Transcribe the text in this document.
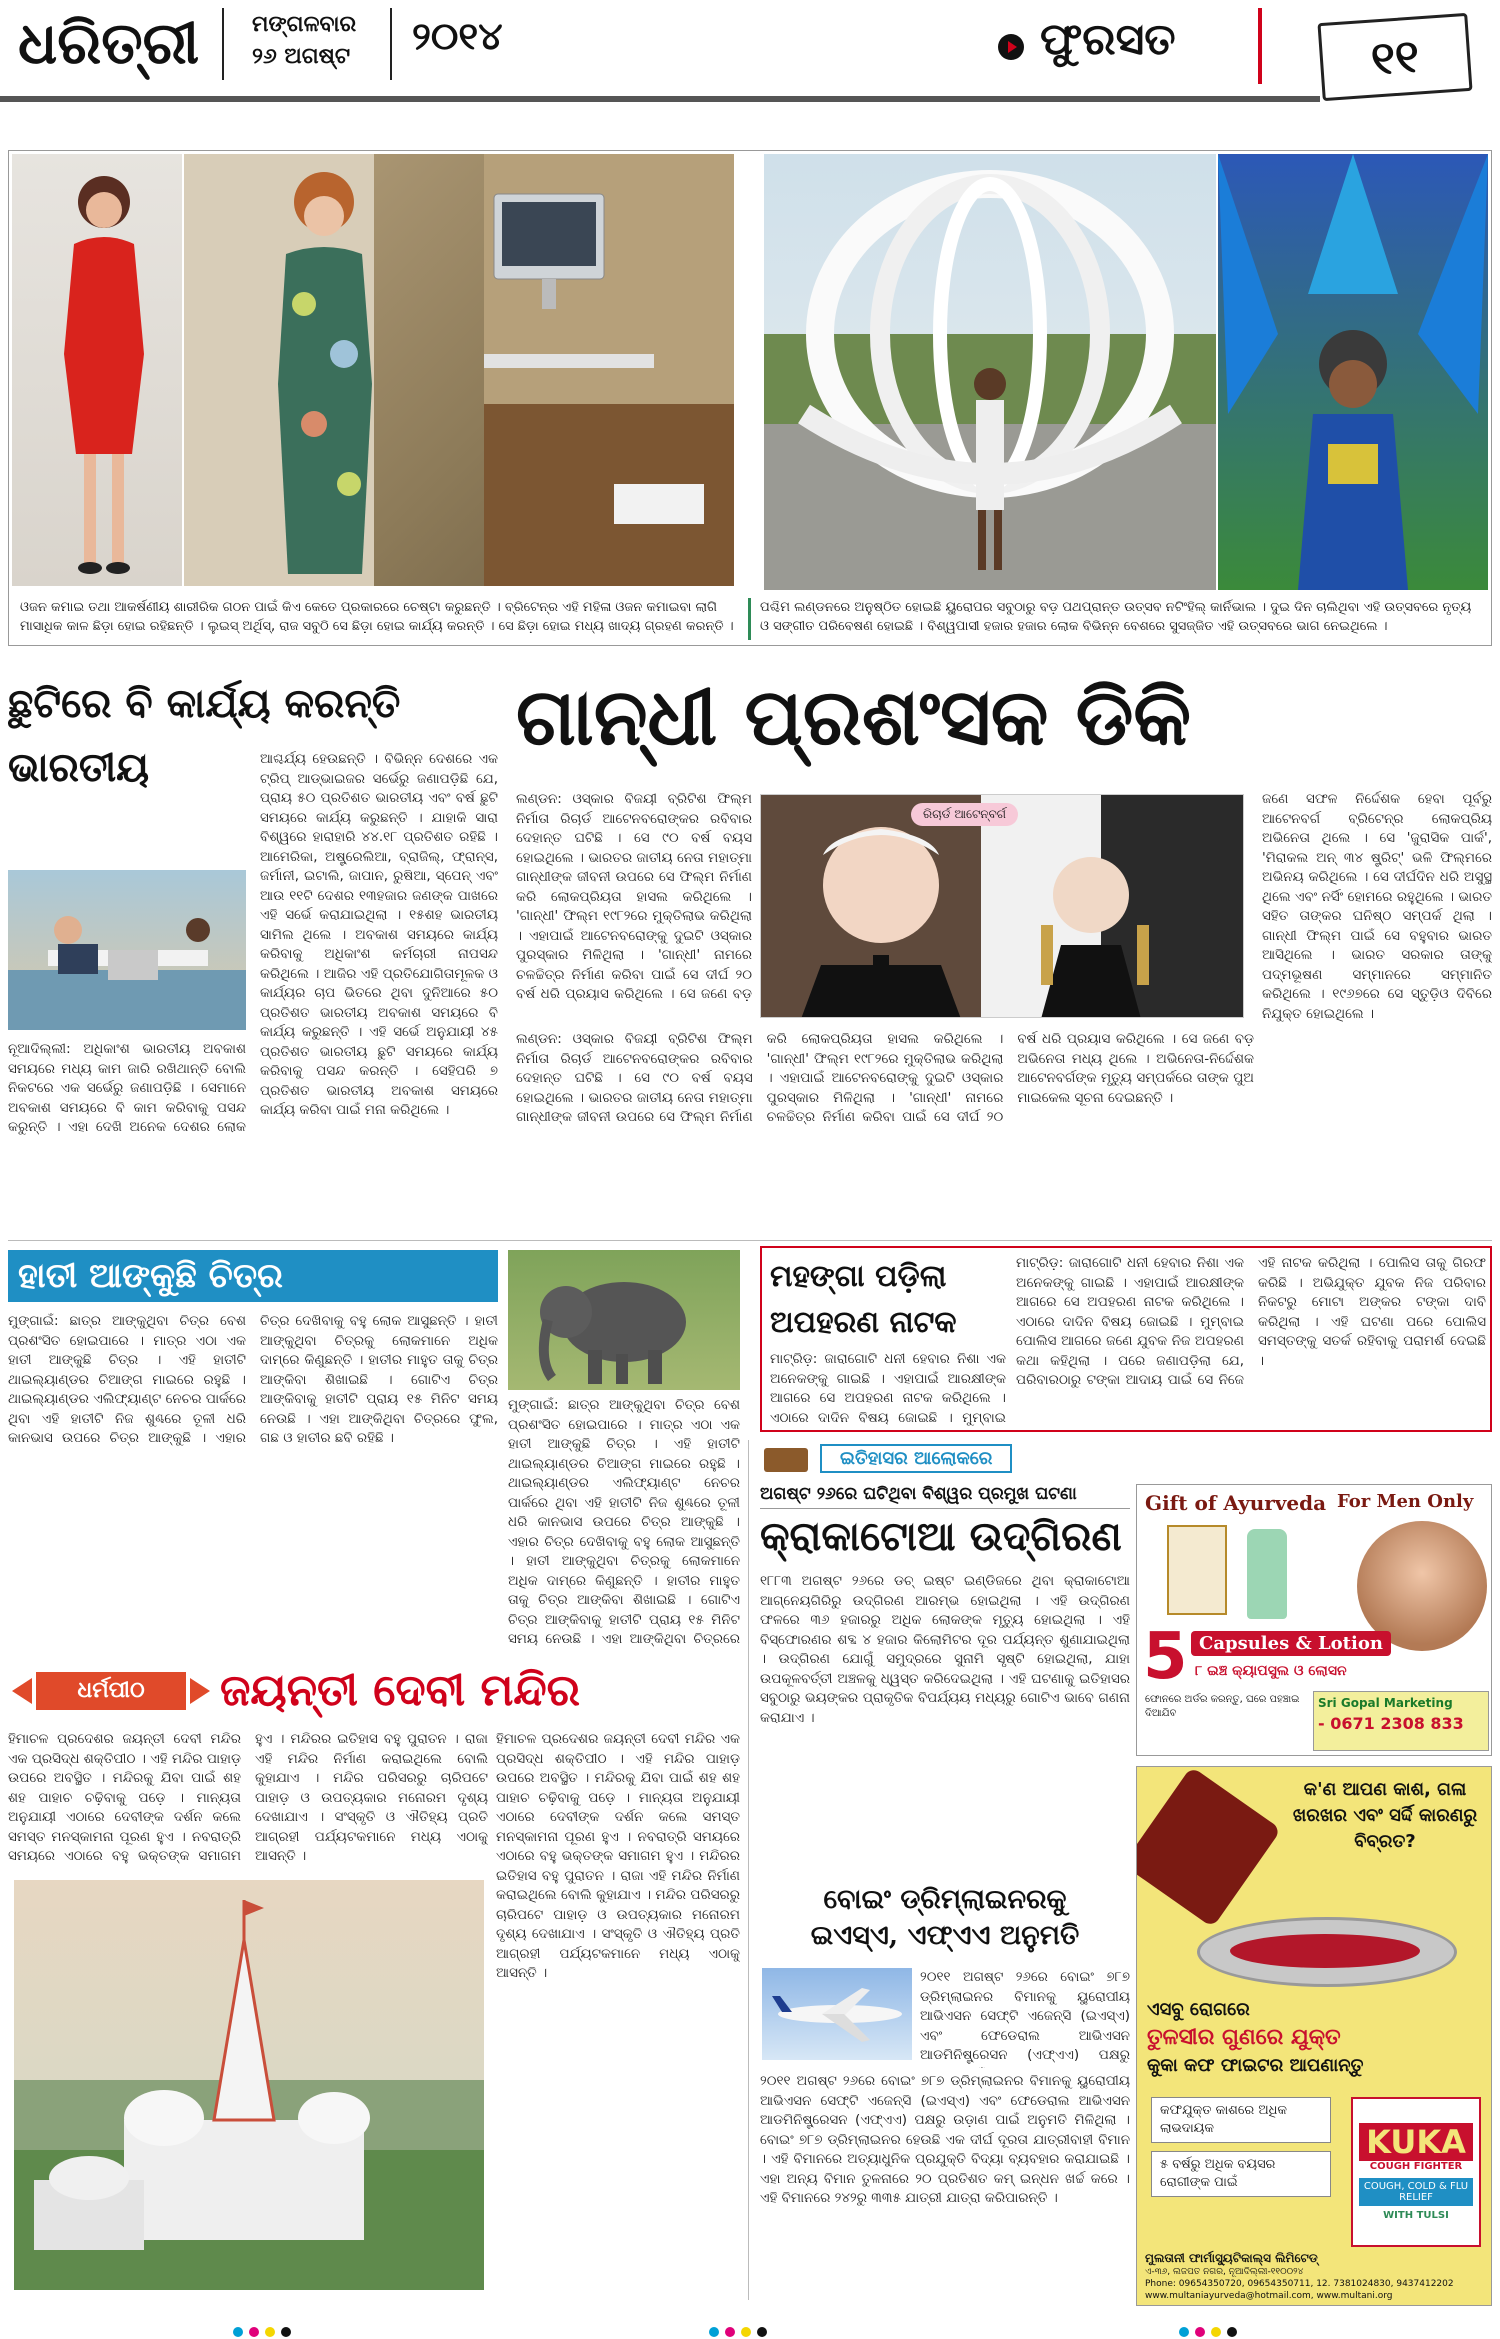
ଧରିତ୍ରୀ ମଙ୍ଗଳବାର
୨୬ ଅଗଷ୍ଟ ୨୦୧୪	ଫୁରସତ	୧୧
ଓଜନ କମାଇ ତଥା ଆକର୍ଷଣୀୟ ଶାରୀରିକ ଗଠନ ପାଇଁ କିଏ କେତେ ପ୍ରକାରରେ ଚେଷ୍ଟା କରୁଛନ୍ତି । ବ୍ରିଟେନ୍‌ର ଏହି ମହିଳା ଓଜନ କମାଇବା ଲାଗି ମାସାଧିକ କାଳ ଛିଡ଼ା ହୋଇ ରହିଛନ୍ତି । ଲୁଇସ୍ ଅର୍ଥିସ୍, ରାଜ ସବୁଠି ସେ ଛିଡ଼ା ହୋଇ କାର୍ଯ୍ୟ କରନ୍ତି । ସେ ଛିଡ଼ା ହୋଇ ମଧ୍ୟ ଖାଦ୍ୟ ଗ୍ରହଣ କରନ୍ତି ।
ପଶ୍ଚିମ ଲଣ୍ଡନରେ ଅନୁଷ୍ଠିତ ହୋଇଛି ୟୁରୋପର ସବୁଠାରୁ ବଡ଼ ପଥପ୍ରାନ୍ତ ଉତ୍ସବ ନଟିଂହିଲ୍ କାର୍ନିଭାଲ । ଦୁଇ ଦିନ ଚାଲିଥିବା ଏହି ଉତ୍ସବରେ ନୃତ୍ୟ ଓ ସଙ୍ଗୀତ ପରିବେଷଣ ହୋଇଛି । ବିଶ୍ୱପାସୀ ହଜାର ହଜାର ଲୋକ ବିଭିନ୍ନ ବେଶରେ ସୁସଜ୍ଜିତ ଏହି ଉତ୍ସବରେ ଭାଗ ନେଇଥିଲେ ।
ଛୁଟିରେ ବି କାର୍ଯ୍ୟ କରନ୍ତି ଭାରତୀୟ
ନୂଆଦିଲ୍ଲୀ: ଅଧିକାଂଶ ଭାରତୀୟ ଅବକାଶ ସମୟରେ ମଧ୍ୟ କାମ ଜାରି ରଖିଥାନ୍ତି ବୋଲି ନିକଟରେ ଏକ ସର୍ଭେରୁ ଜଣାପଡ଼ିଛି । ସେମାନେ ଅବକାଶ ସମୟରେ ବି କାମ କରିବାକୁ ପସନ୍ଦ କରୁନ୍ତି । ଏହା ଦେଖି ଅନେକ ଦେଶର ଲୋକ ଆଶ୍ଚର୍ଯ୍ୟ ହେଉଛନ୍ତି । ବିଭିନ୍ନ ଦେଶରେ ଏକ ଟ୍ରିପ୍ ଆଡ୍‌ଭାଇଜର ସର୍ଭେରୁ ଜଣାପଡ଼ିଛି ଯେ, ପ୍ରାୟ ୫୦ ପ୍ରତିଶତ ଭାରତୀୟ ଏବଂ ବର୍ଷ ଛୁଟି ସମୟରେ କାର୍ଯ୍ୟ କରୁଛନ୍ତି । ଯାହାକି ସାରା ବିଶ୍ୱରେ ହାରାହାରି ୪୪.୧୮ ପ୍ରତିଶତ ରହିଛି । ଆମେରିକା, ଅଷ୍ଟ୍ରେଲିଆ, ବ୍ରାଜିଲ୍, ଫ୍ରାନ୍ସ, ଜର୍ମାନୀ, ଇଟାଲି, ଜାପାନ, ରୁଷିଆ, ସ୍ପେନ୍ ଏବଂ ଆଉ ୧୧ଟି ଦେଶର ୧୩ହଜାର ଜଣଙ୍କ ପାଖରେ ଏହି ସର୍ଭେ କରାଯାଇଥିଲା । ୧୫ଶହ ଭାରତୀୟ ସାମିଲ ଥିଲେ । ଅବକାଶ ସମୟରେ କାର୍ଯ୍ୟ କରିବାକୁ ଅଧିକାଂଶ କର୍ମଚାରୀ ନାପସନ୍ଦ କରିଥିଲେ । ଆଜିର ଏହି ପ୍ରତିଯୋଗିତାମୂଳକ ଓ କାର୍ଯ୍ୟର ଚାପ ଭିତରେ ଥିବା ଦୁନିଆରେ ୫୦ ପ୍ରତିଶତ ଭାରତୀୟ ଅବକାଶ ସମୟରେ ବି କାର୍ଯ୍ୟ କରୁଛନ୍ତି । ଏହି ସର୍ଭେ ଅନୁଯାୟୀ ୪୫ ପ୍ରତିଶତ ଭାରତୀୟ ଛୁଟି ସମୟରେ କାର୍ଯ୍ୟ କରିବାକୁ ପସନ୍ଦ କରନ୍ତି । ସେହିପରି ୭ ପ୍ରତିଶତ ଭାରତୀୟ ଅବକାଶ ସମୟରେ କାର୍ଯ୍ୟ କରିବା ପାଇଁ ମନା କରିଥିଲେ ।
ଗାନ୍ଧୀ ପ୍ରଶଂସକ ଡିକି
ରିଚାର୍ଡ ଆଟେନ୍‌ବର୍ଗ
ଲଣ୍ଡନ: ଓସ୍କାର ବିଜୟୀ ବ୍ରିଟିଶ ଫିଲ୍ମ ନିର୍ମାତା ରିଚାର୍ଡ ଆଟେନବରୋଙ୍କର ରବିବାର ଦେହାନ୍ତ ଘଟିଛି । ସେ ୯୦ ବର୍ଷ ବୟସ ହୋଇଥିଲେ । ଭାରତର ଜାତୀୟ ନେତା ମହାତ୍ମା ଗାନ୍ଧୀଙ୍କ ଜୀବନୀ ଉପରେ ସେ ଫିଲ୍ମ ନିର୍ମାଣ କରି ଲୋକପ୍ରିୟତା ହାସଲ କରିଥିଲେ । 'ଗାନ୍ଧୀ' ଫିଲ୍ମ ୧୯୮୨ରେ ମୁକ୍ତିଲାଭ କରିଥିଲା । ଏହାପାଇଁ ଆଟେନବରୋଙ୍କୁ ଦୁଇଟି ଓସ୍କାର ପୁରସ୍କାର ମିଳିଥିଲା । 'ଗାନ୍ଧୀ' ନାମରେ ଚଳଚ୍ଚିତ୍ର ନିର୍ମାଣ କରିବା ପାଇଁ ସେ ଦୀର୍ଘ ୨୦ ବର୍ଷ ଧରି ପ୍ରୟାସ କରିଥିଲେ । ସେ ଜଣେ ବଡ଼
ଜଣେ ସଫଳ ନିର୍ଦ୍ଦେଶକ ହେବା ପୂର୍ବରୁ ଆଟେନବର୍ଗ ବ୍ରିଟେନ୍‌ର ଲୋକପ୍ରିୟ ଅଭିନେତା ଥିଲେ । ସେ 'ଜୁରାସିକ ପାର୍କ', 'ମିରାକଲ ଅନ୍ ୩୪ ଷ୍ଟ୍ରିଟ୍' ଭଳି ଫିଲ୍ମରେ ଅଭିନୟ କରିଥିଲେ । ସେ ଦୀର୍ଘଦିନ ଧରି ଅସୁସ୍ଥ ଥିଲେ ଏବଂ ନର୍ସିଂ ହୋମରେ ରହୁଥିଲେ । ଭାରତ ସହିତ ତାଙ୍କର ଘନିଷ୍ଠ ସମ୍ପର୍କ ଥିଲା । ଗାନ୍ଧୀ ଫିଲ୍ମ ପାଇଁ ସେ ବହୁବାର ଭାରତ ଆସିଥିଲେ । ଭାରତ ସରକାର ତାଙ୍କୁ ପଦ୍ମଭୂଷଣ ସମ୍ମାନରେ ସମ୍ମାନିତ କରିଥିଲେ । ୧୯୬୭ରେ ସେ ସ୍ତୁଡ଼ିଓ ଦିବିରେ ନିଯୁକ୍ତ ହୋଇଥିଲେ ।
ଲଣ୍ଡନ: ଓସ୍କାର ବିଜୟୀ ବ୍ରିଟିଶ ଫିଲ୍ମ ନିର୍ମାତା ରିଚାର୍ଡ ଆଟେନବରୋଙ୍କର ରବିବାର ଦେହାନ୍ତ ଘଟିଛି । ସେ ୯୦ ବର୍ଷ ବୟସ ହୋଇଥିଲେ । ଭାରତର ଜାତୀୟ ନେତା ମହାତ୍ମା ଗାନ୍ଧୀଙ୍କ ଜୀବନୀ ଉପରେ ସେ ଫିଲ୍ମ ନିର୍ମାଣ କରି ଲୋକପ୍ରିୟତା ହାସଲ କରିଥିଲେ । 'ଗାନ୍ଧୀ' ଫିଲ୍ମ ୧୯୮୨ରେ ମୁକ୍ତିଲାଭ କରିଥିଲା । ଏହାପାଇଁ ଆଟେନବରୋଙ୍କୁ ଦୁଇଟି ଓସ୍କାର ପୁରସ୍କାର ମିଳିଥିଲା । 'ଗାନ୍ଧୀ' ନାମରେ ଚଳଚ୍ଚିତ୍ର ନିର୍ମାଣ କରିବା ପାଇଁ ସେ ଦୀର୍ଘ ୨୦ ବର୍ଷ ଧରି ପ୍ରୟାସ କରିଥିଲେ । ସେ ଜଣେ ବଡ଼ ଅଭିନେତା ମଧ୍ୟ ଥିଲେ । ଅଭିନେତା-ନିର୍ଦ୍ଦେଶକ ଆଟେନବର୍ଗଙ୍କ ମୃତ୍ୟୁ ସମ୍ପର୍କରେ ତାଙ୍କ ପୁଅ ମାଇକେଲ ସୂଚନା ଦେଇଛନ୍ତି ।
ହାତୀ ଆଙ୍କୁଛି ଚିତ୍ର
ମୁଙ୍ଗାଇଁ: ଛାତ୍ର ଆଙ୍କୁଥିବା ଚିତ୍ର ବେଶ ପ୍ରଶଂସିତ ହୋଇପାରେ । ମାତ୍ର ଏଠା ଏକ ହାତୀ ଆଙ୍କୁଛି ଚିତ୍ର । ଏହି ହାତୀଟି ଥାଇଲ୍ୟାଣ୍ଡର ଚିଆଙ୍ଗ ମାଇରେ ରହୁଛି । ଥାଇଲ୍ୟାଣ୍ଡର ଏଲିଫ୍ୟାଣ୍ଟ ନେଚର ପାର୍କରେ ଥିବା ଏହି ହାତୀଟି ନିଜ ଶୁଣ୍ଢରେ ତୂଳୀ ଧରି କାନଭାସ ଉପରେ ଚିତ୍ର ଆଙ୍କୁଛି । ଏହାର ଚିତ୍ର ଦେଖିବାକୁ ବହୁ ଲୋକ ଆସୁଛନ୍ତି । ହାତୀ ଆଙ୍କୁଥିବା ଚିତ୍ରକୁ ଲୋକମାନେ ଅଧିକ ଦାମ୍‌ରେ କିଣୁଛନ୍ତି । ହାତୀର ମାହୁତ ତାକୁ ଚିତ୍ର ଆଙ୍କିବା ଶିଖାଇଛି । ଗୋଟିଏ ଚିତ୍ର ଆଙ୍କିବାକୁ ହାତୀଟି ପ୍ରାୟ ୧୫ ମିନିଟ ସମୟ ନେଉଛି । ଏହା ଆଙ୍କିଥିବା ଚିତ୍ରରେ ଫୁଲ, ଗଛ ଓ ହାତୀର ଛବି ରହିଛି ।
ମୁଙ୍ଗାଇଁ: ଛାତ୍ର ଆଙ୍କୁଥିବା ଚିତ୍ର ବେଶ ପ୍ରଶଂସିତ ହୋଇପାରେ । ମାତ୍ର ଏଠା ଏକ ହାତୀ ଆଙ୍କୁଛି ଚିତ୍ର । ଏହି ହାତୀଟି ଥାଇଲ୍ୟାଣ୍ଡର ଚିଆଙ୍ଗ ମାଇରେ ରହୁଛି । ଥାଇଲ୍ୟାଣ୍ଡର ଏଲିଫ୍ୟାଣ୍ଟ ନେଚର ପାର୍କରେ ଥିବା ଏହି ହାତୀଟି ନିଜ ଶୁଣ୍ଢରେ ତୂଳୀ ଧରି କାନଭାସ ଉପରେ ଚିତ୍ର ଆଙ୍କୁଛି । ଏହାର ଚିତ୍ର ଦେଖିବାକୁ ବହୁ ଲୋକ ଆସୁଛନ୍ତି । ହାତୀ ଆଙ୍କୁଥିବା ଚିତ୍ରକୁ ଲୋକମାନେ ଅଧିକ ଦାମ୍‌ରେ କିଣୁଛନ୍ତି । ହାତୀର ମାହୁତ ତାକୁ ଚିତ୍ର ଆଙ୍କିବା ଶିଖାଇଛି । ଗୋଟିଏ ଚିତ୍ର ଆଙ୍କିବାକୁ ହାତୀଟି ପ୍ରାୟ ୧୫ ମିନିଟ ସମୟ ନେଉଛି । ଏହା ଆଙ୍କିଥିବା ଚିତ୍ରରେ
ମହଙ୍ଗା ପଡ଼ିଲା ଅପହରଣ ନାଟକ
ମାଟ୍ରିଡ଼: ଜାରାଗୋଟି ଧନୀ ହେବାର ନିଶା ଏକ ଅନେକଙ୍କୁ ଗାଇଛି । ଏହାପାଇଁ ଆରକ୍ଷୀଙ୍କ ଆଗରେ ସେ ଅପହରଣ ନାଟକ କରିଥିଲେ । ଏଠାରେ ଦାଦିନ ବିଷୟ ଜୋଇଛି । ମୁମ୍ବାଇ
ମାଟ୍ରିଡ଼: ଜାରାଗୋଟି ଧନୀ ହେବାର ନିଶା ଏକ ଅନେକଙ୍କୁ ଗାଇଛି । ଏହାପାଇଁ ଆରକ୍ଷୀଙ୍କ ଆଗରେ ସେ ଅପହରଣ ନାଟକ କରିଥିଲେ । ଏଠାରେ ଦାଦିନ ବିଷୟ ଜୋଇଛି । ମୁମ୍ବାଇ ପୋଲିସ ଆଗରେ ଜଣେ ଯୁବକ ନିଜ ଅପହରଣ କଥା କହିଥିଲା । ପରେ ଜଣାପଡ଼ିଲା ଯେ, ପରିବାରଠାରୁ ଟଙ୍କା ଆଦାୟ ପାଇଁ ସେ ନିଜେ ଏହି ନାଟକ କରିଥିଲା । ପୋଲିସ ତାକୁ ଗିରଫ କରିଛି । ଅଭିଯୁକ୍ତ ଯୁବକ ନିଜ ପରିବାର ନିକଟରୁ ମୋଟା ଅଙ୍କର ଟଙ୍କା ଦାବି କରିଥିଲା । ଏହି ଘଟଣା ପରେ ପୋଲିସ ସମସ୍ତଙ୍କୁ ସତର୍କ ରହିବାକୁ ପରାମର୍ଶ ଦେଇଛି ।
ଇତିହାସର ଆଲୋକରେ
ଅଗଷ୍ଟ ୨୬ରେ ଘଟିଥିବା ବିଶ୍ୱର ପ୍ରମୁଖ ଘଟଣା
କ୍ରାକାଟୋଆ ଉଦ୍‌ଗିରଣ
୧୮୮୩ ଅଗଷ୍ଟ ୨୬ରେ ଡଚ୍ ଇଷ୍ଟ ଇଣ୍ଡିଜରେ ଥିବା କ୍ରାକାଟୋଆ ଆଗ୍ନେୟଗିରିରୁ ଉଦ୍‌ଗିରଣ ଆରମ୍ଭ ହୋଇଥିଲା । ଏହି ଉଦ୍‌ଗିରଣ ଫଳରେ ୩୬ ହଜାରରୁ ଅଧିକ ଲୋକଙ୍କ ମୃତ୍ୟୁ ହୋଇଥିଲା । ଏହି ବିସ୍ଫୋରଣର ଶବ୍ଦ ୪ ହଜାର କିଲୋମିଟର ଦୂର ପର୍ଯ୍ୟନ୍ତ ଶୁଣାଯାଇଥିଲା । ଉଦ୍‌ଗିରଣ ଯୋଗୁଁ ସମୁଦ୍ରରେ ସୁନାମି ସୃଷ୍ଟି ହୋଇଥିଲା, ଯାହା ଉପକୂଳବର୍ତ୍ତୀ ଅଞ୍ଚଳକୁ ଧ୍ୱସ୍ତ କରିଦେଇଥିଲା । ଏହି ଘଟଣାକୁ ଇତିହାସର ସବୁଠାରୁ ଭୟଙ୍କର ପ୍ରାକୃତିକ ବିପର୍ଯ୍ୟୟ ମଧ୍ୟରୁ ଗୋଟିଏ ଭାବେ ଗଣନା କରାଯାଏ ।
ବୋଇଂ ଡ୍ରିମ୍‌ଲାଇନରକୁ
ଇଏସ୍‌ଏ, ଏଫ୍‌ଏଏ ଅନୁମତି
୨୦୧୧ ଅଗଷ୍ଟ ୨୬ରେ ବୋଇଂ ୭୮୭ ଡ୍ରିମ୍‌ଲାଇନର ବିମାନକୁ ୟୁରୋପୀୟ ଆଭିଏସନ ସେଫ୍ଟି ଏଜେନ୍ସି (ଇଏସ୍‌ଏ) ଏବଂ ଫେଡେରାଲ ଆଭିଏସନ ଆଡମିନିଷ୍ଟ୍ରେସନ (ଏଫ୍‌ଏଏ) ପକ୍ଷରୁ
୨୦୧୧ ଅଗଷ୍ଟ ୨୬ରେ ବୋଇଂ ୭୮୭ ଡ୍ରିମ୍‌ଲାଇନର ବିମାନକୁ ୟୁରୋପୀୟ ଆଭିଏସନ ସେଫ୍ଟି ଏଜେନ୍ସି (ଇଏସ୍‌ଏ) ଏବଂ ଫେଡେରାଲ ଆଭିଏସନ ଆଡମିନିଷ୍ଟ୍ରେସନ (ଏଫ୍‌ଏଏ) ପକ୍ଷରୁ ଉଡ଼ାଣ ପାଇଁ ଅନୁମତି ମିଳିଥିଲା । ବୋଇଂ ୭୮୭ ଡ୍ରିମ୍‌ଲାଇନର ହେଉଛି ଏକ ଦୀର୍ଘ ଦୂରତା ଯାତ୍ରୀବାହୀ ବିମାନ । ଏହି ବିମାନରେ ଅତ୍ୟାଧୁନିକ ପ୍ରଯୁକ୍ତି ବିଦ୍ୟା ବ୍ୟବହାର କରାଯାଇଛି । ଏହା ଅନ୍ୟ ବିମାନ ତୁଳନାରେ ୨୦ ପ୍ରତିଶତ କମ୍ ଇନ୍ଧନ ଖର୍ଚ୍ଚ କରେ । ଏହି ବିମାନରେ ୨୪୨ରୁ ୩୩୫ ଯାତ୍ରୀ ଯାତ୍ରା କରିପାରନ୍ତି ।
ଧର୍ମପୀଠ	ଜୟନ୍ତୀ ଦେବୀ ମନ୍ଦିର
ହିମାଚଳ ପ୍ରଦେଶର ଜୟନ୍ତୀ ଦେବୀ ମନ୍ଦିର ଏକ ପ୍ରସିଦ୍ଧ ଶକ୍ତିପୀଠ । ଏହି ମନ୍ଦିର ପାହାଡ଼ ଉପରେ ଅବସ୍ଥିତ । ମନ୍ଦିରକୁ ଯିବା ପାଇଁ ଶହ ଶହ ପାହାଚ ଚଢ଼ିବାକୁ ପଡ଼େ । ମାନ୍ୟତା ଅନୁଯାୟୀ ଏଠାରେ ଦେବୀଙ୍କ ଦର୍ଶନ କଲେ ସମସ୍ତ ମନସ୍କାମନା ପୂରଣ ହୁଏ । ନବରାତ୍ରି ସମୟରେ ଏଠାରେ ବହୁ ଭକ୍ତଙ୍କ ସମାଗମ ହୁଏ । ମନ୍ଦିରର ଇତିହାସ ବହୁ ପୁରାତନ । ରାଜା ଏହି ମନ୍ଦିର ନିର୍ମାଣ କରାଇଥିଲେ ବୋଲି କୁହାଯାଏ । ମନ୍ଦିର ପରିସରରୁ ଚାରିପଟେ ପାହାଡ଼ ଓ ଉପତ୍ୟକାର ମନୋରମ ଦୃଶ୍ୟ ଦେଖାଯାଏ । ସଂସ୍କୃତି ଓ ଐତିହ୍ୟ ପ୍ରତି ଆଗ୍ରହୀ ପର୍ଯ୍ୟଟକମାନେ ମଧ୍ୟ ଏଠାକୁ ଆସନ୍ତି ।
ହିମାଚଳ ପ୍ରଦେଶର ଜୟନ୍ତୀ ଦେବୀ ମନ୍ଦିର ଏକ ପ୍ରସିଦ୍ଧ ଶକ୍ତିପୀଠ । ଏହି ମନ୍ଦିର ପାହାଡ଼ ଉପରେ ଅବସ୍ଥିତ । ମନ୍ଦିରକୁ ଯିବା ପାଇଁ ଶହ ଶହ ପାହାଚ ଚଢ଼ିବାକୁ ପଡ଼େ । ମାନ୍ୟତା ଅନୁଯାୟୀ ଏଠାରେ ଦେବୀଙ୍କ ଦର୍ଶନ କଲେ ସମସ୍ତ ମନସ୍କାମନା ପୂରଣ ହୁଏ । ନବରାତ୍ରି ସମୟରେ ଏଠାରେ ବହୁ ଭକ୍ତଙ୍କ ସମାଗମ ହୁଏ । ମନ୍ଦିରର ଇତିହାସ ବହୁ ପୁରାତନ । ରାଜା ଏହି ମନ୍ଦିର ନିର୍ମାଣ କରାଇଥିଲେ ବୋଲି କୁହାଯାଏ । ମନ୍ଦିର ପରିସରରୁ ଚାରିପଟେ ପାହାଡ଼ ଓ ଉପତ୍ୟକାର ମନୋରମ ଦୃଶ୍ୟ ଦେଖାଯାଏ । ସଂସ୍କୃତି ଓ ଐତିହ୍ୟ ପ୍ରତି ଆଗ୍ରହୀ ପର୍ଯ୍ୟଟକମାନେ ମଧ୍ୟ ଏଠାକୁ ଆସନ୍ତି ।
Gift of Ayurveda For Men Only
5 Capsules & Lotion
୮ ଇଞ୍ଚ କ୍ୟାପସୁଲ ଓ ଲୋସନ
ଫୋନରେ ଅର୍ଡର କରନ୍ତୁ, ଘରେ ପହଞ୍ଚାଇ ଦିଆଯିବ
Sri Gopal Marketing
- 0671 2308 833
କ'ଣ ଆପଣ କାଶ, ଗଳା ଖରଖର ଏବଂ ସର୍ଦ୍ଦି କାରଣରୁ ବିବ୍ରତ?
ଏସବୁ ରୋଗରେ
ତୁଳସୀର ଗୁଣରେ ଯୁକ୍ତ
କୁକା କଫ ଫାଇଟର ଆପଣାନ୍ତୁ
କଫଯୁକ୍ତ କାଶରେ ଅଧିକ ଲାଭଦାୟକ
୫ ବର୍ଷରୁ ଅଧିକ ବୟସର ରୋଗୀଙ୍କ ପାଇଁ
KUKA
COUGH FIGHTER
COUGH, COLD & FLU RELIEF
WITH TULSI
ମୁଲତାନୀ ଫାର୍ମାସ୍ୟୁଟିକାଲ୍‌ସ ଲିମିଟେଡ୍
ଏ-୩୬, ଲଜପତ ନଗର, ନୂଆଦିଲ୍ଲୀ-୧୧୦୦୨୪
Phone: 09654350720, 09654350711, 12. 7381024830, 9437412202
www.multaniayurveda@hotmail.com, www.multani.org
